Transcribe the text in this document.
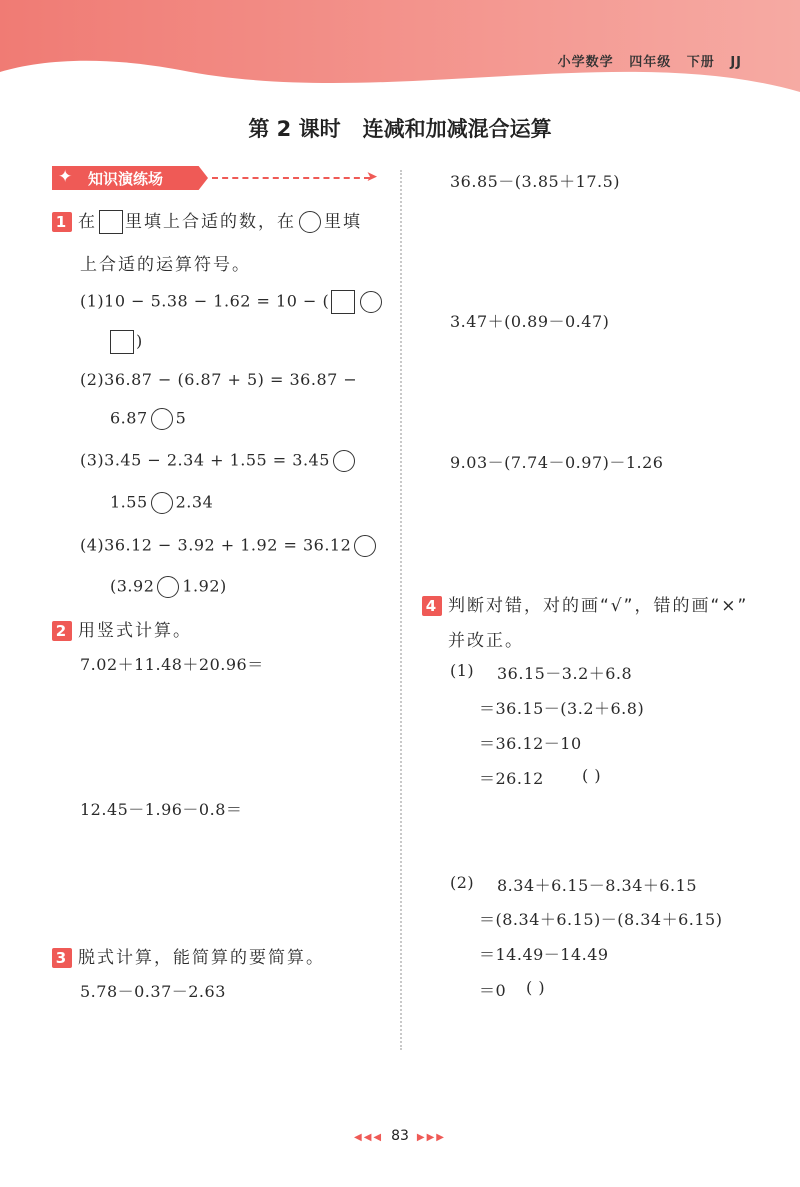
小学数学 四年级 下册 JJ
第 2 课时 连减和加减混合运算
✦ 知识演练场	➤
1 在 里填上合适的数，在 里填
上合适的运算符号。
(1)10 − 5.38 − 1.62 = 10 − (
)
(2)36.87 − (6.87 + 5) = 36.87 −
6.87 5
(3)3.45 − 2.34 + 1.55 = 3.45
1.55 2.34
(4)36.12 − 3.92 + 1.92 = 36.12
(3.92 1.92)
2 用竖式计算。
7.02＋11.48＋20.96＝
12.45－1.96－0.8＝
3 脱式计算，能简算的要简算。
5.78－0.37－2.63
36.85－(3.85＋17.5)
3.47＋(0.89－0.47)
9.03－(7.74－0.97)－1.26
4 判断对错，对的画“√”，错的画“×”
并改正。
(1) 36.15－3.2＋6.8
＝36.15－(3.2＋6.8)
＝36.12－10
＝26.12 ( )
(2) 8.34＋6.15－8.34＋6.15
＝(8.34＋6.15)－(8.34＋6.15)
＝14.49－14.49
＝0 ( )
◀◀◀ 83 ▶▶▶
